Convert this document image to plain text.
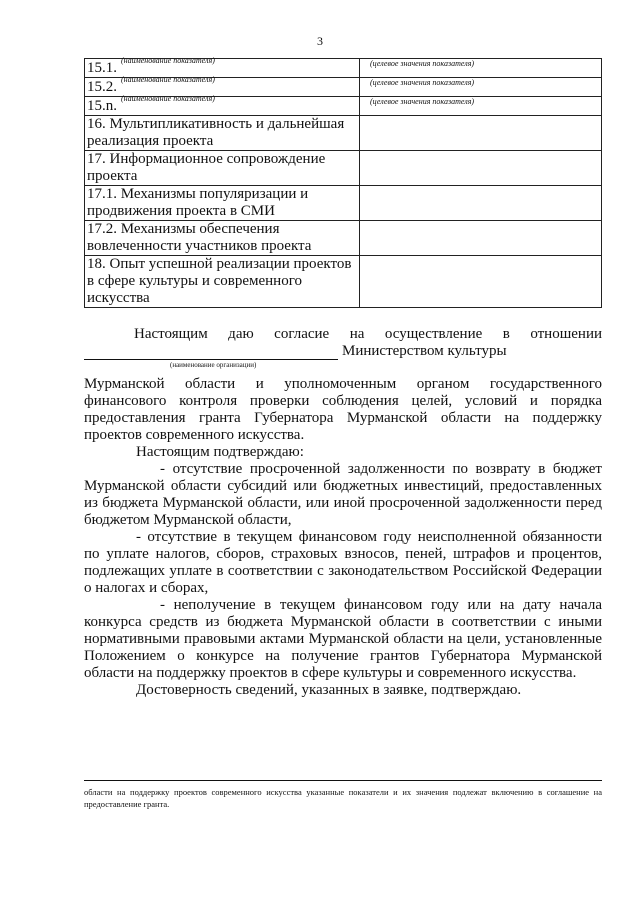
3
15.1. $^{(наименование показателя)}$	(целевое значения показателя)

15.2. $^{(наименование показателя)}$	(целевое значения показателя)

15.n. $^{(наименование показателя)}$	(целевое значения показателя)

16. Мультипликативность и дальнейшая реализация проекта	
17. Информационное сопровождение проекта	
17.1. Механизмы популяризации и продвижения проекта в СМИ	
17.2. Механизмы обеспечения вовлеченности участников проекта	
18. Опыт успешной реализации проектов в сфере культуры и современного искусства	
Настоящим даю согласие на осуществление в отношении
Министерством культуры
(наименование организации)

Мурманской области и уполномоченным органом государственного финансового контроля проверки соблюдения целей, условий и порядка предоставления гранта Губернатора Мурманской области на поддержку проектов современного искусства.

Настоящим подтверждаю:

- отсутствие просроченной задолженности по возврату в бюджет Мурманской области субсидий или бюджетных инвестиций, предоставленных из бюджета Мурманской области, или иной просроченной задолженности перед бюджетом Мурманской области,

- отсутствие в текущем финансовом году неисполненной обязанности по уплате налогов, сборов, страховых взносов, пеней, штрафов и процентов, подлежащих уплате в соответствии с законодательством Российской Федерации о налогах и сборах,

- неполучение в текущем финансовом году или на дату начала конкурса средств из бюджета Мурманской области в соответствии с иными нормативными правовыми актами Мурманской области на цели, установленные Положением о конкурсе на получение грантов Губернатора Мурманской области на поддержку проектов в сфере культуры и современного искусства.

Достоверность сведений, указанных в заявке, подтверждаю.

области на поддержку проектов современного искусства указанные показатели и их значения подлежат включению в соглашение на предоставление гранта.
